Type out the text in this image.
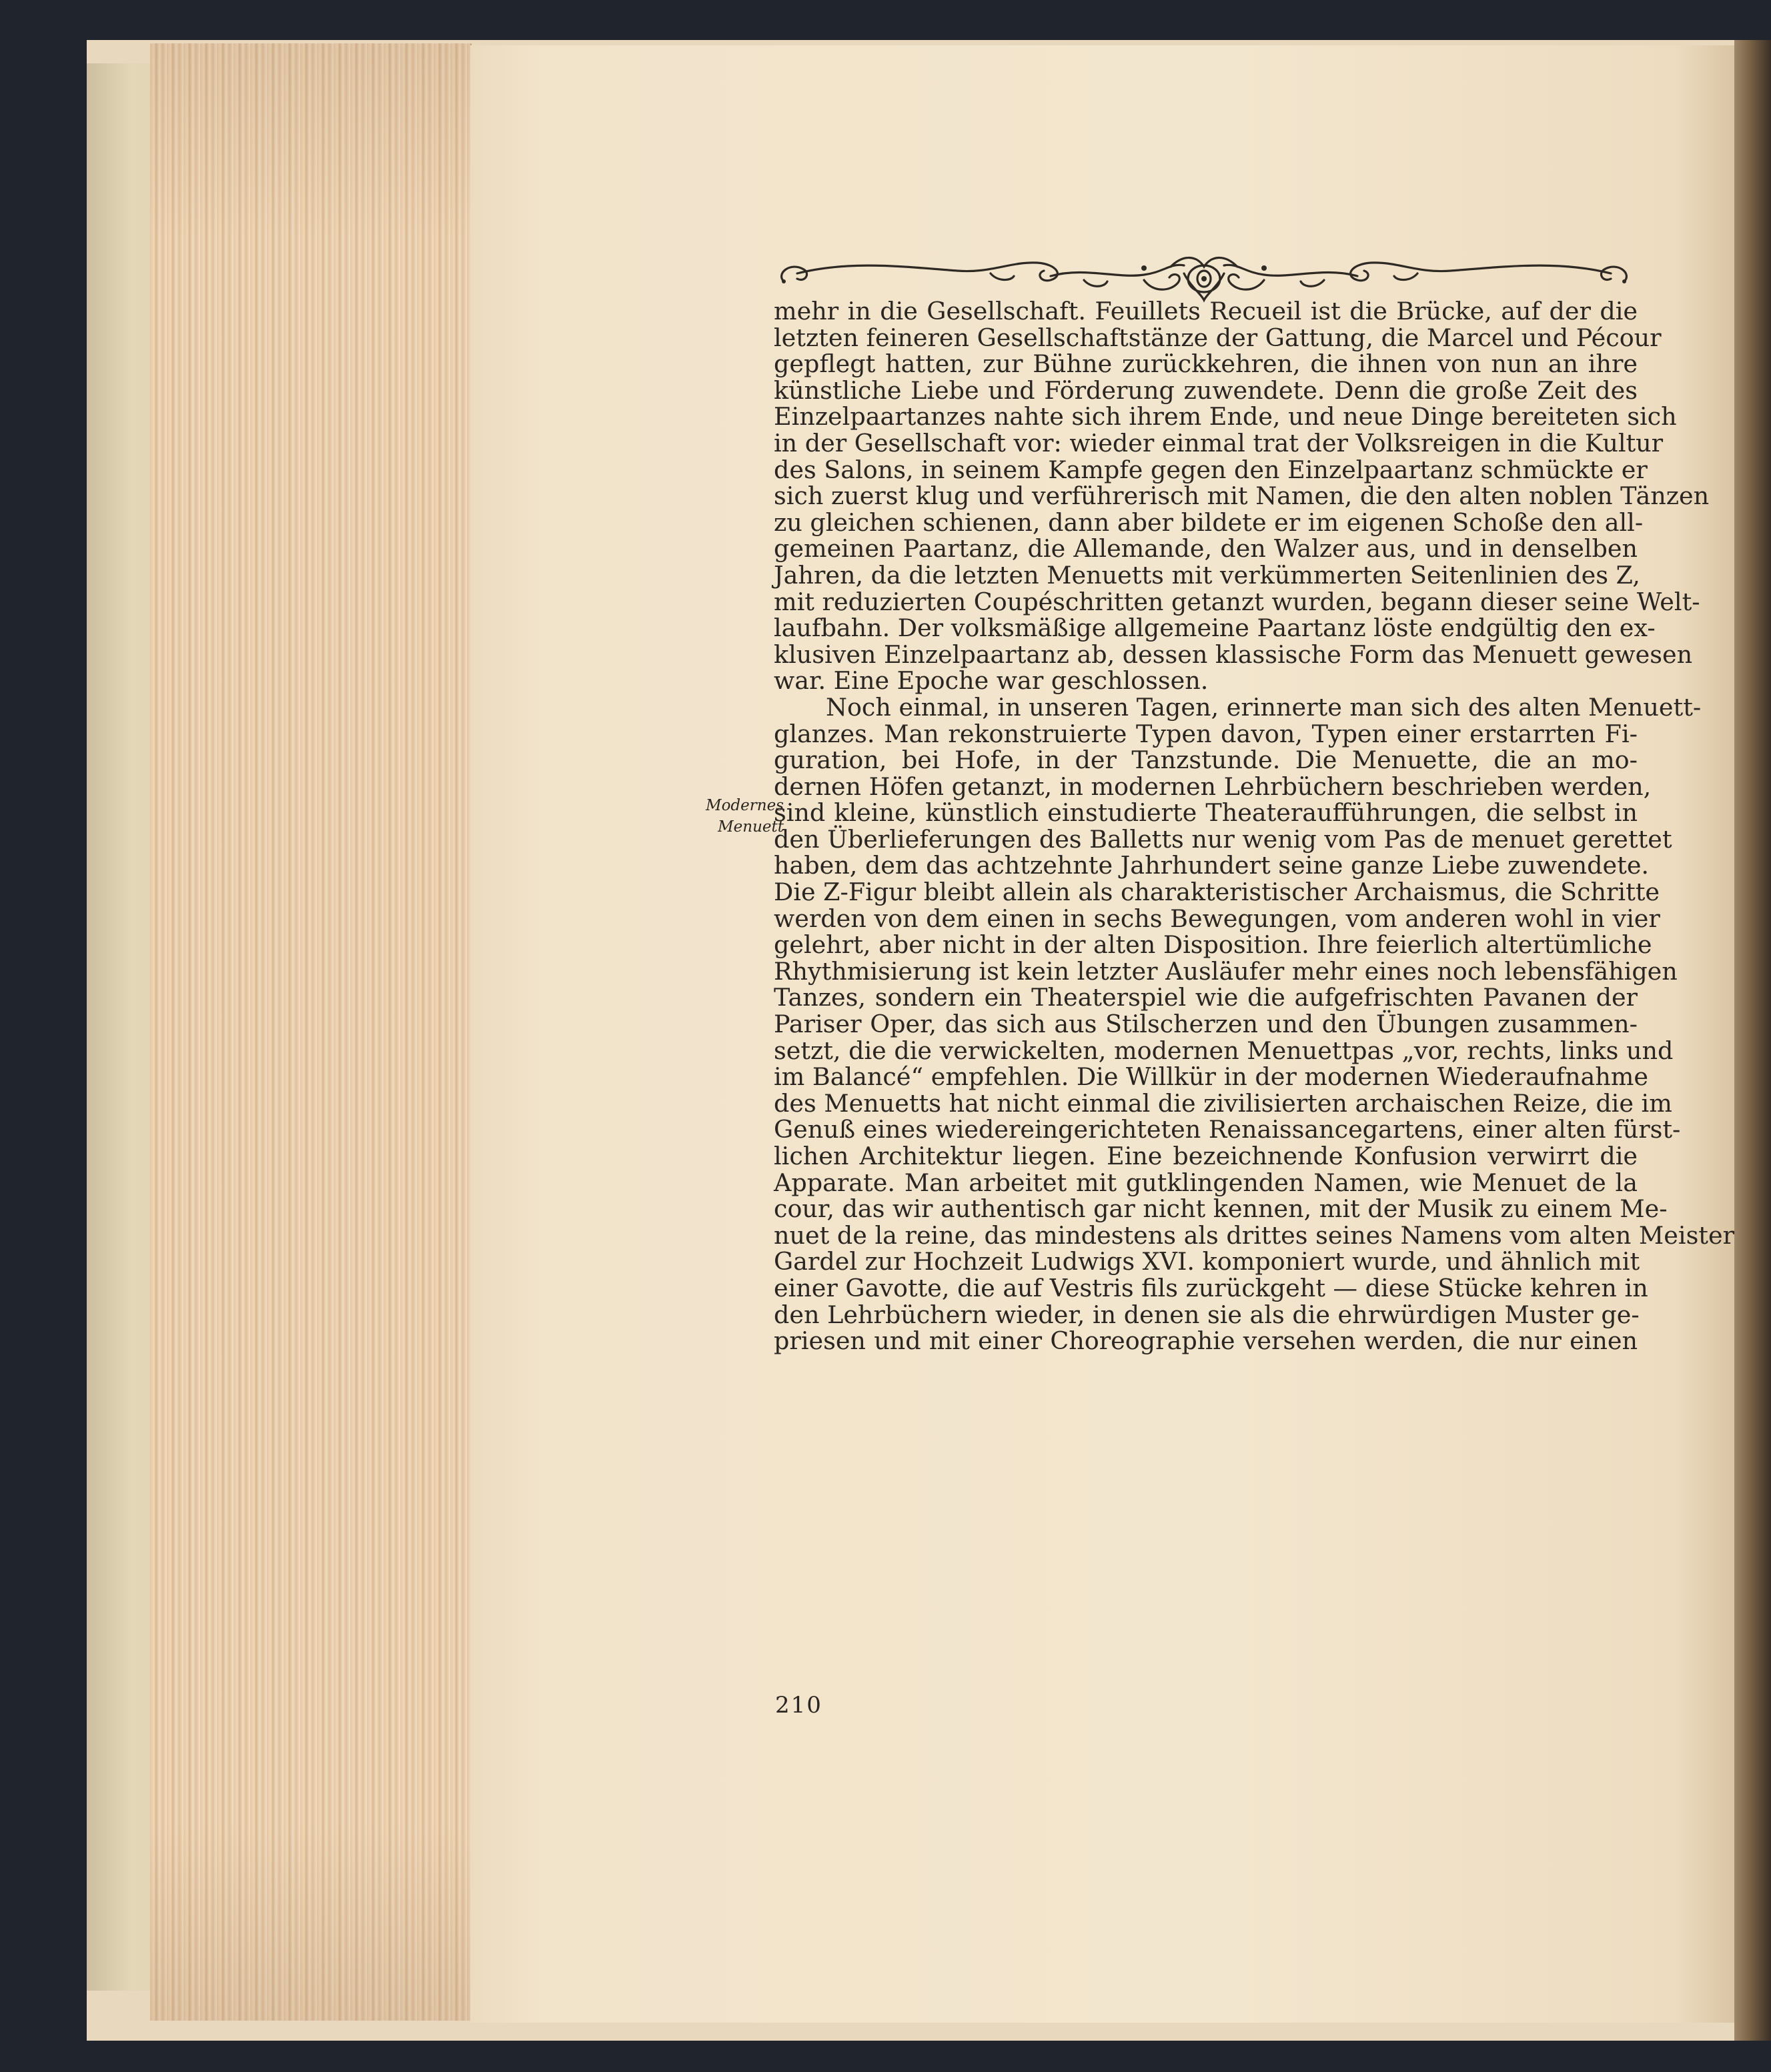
mehr in die Gesellschaft. Feuillets Recueil ist die Brücke, auf der die
letzten feineren Gesellschaftstänze der Gattung, die Marcel und Pécour
gepflegt hatten, zur Bühne zurückkehren, die ihnen von nun an ihre
künstliche Liebe und Förderung zuwendete. Denn die große Zeit des
Einzelpaartanzes nahte sich ihrem Ende, und neue Dinge bereiteten sich
in der Gesellschaft vor: wieder einmal trat der Volksreigen in die Kultur
des Salons, in seinem Kampfe gegen den Einzelpaartanz schmückte er
sich zuerst klug und verführerisch mit Namen, die den alten noblen Tänzen
zu gleichen schienen, dann aber bildete er im eigenen Schoße den all-
gemeinen Paartanz, die Allemande, den Walzer aus, und in denselben
Jahren, da die letzten Menuetts mit verkümmerten Seitenlinien des Z,
mit reduzierten Coupéschritten getanzt wurden, begann dieser seine Welt-
laufbahn. Der volksmäßige allgemeine Paartanz löste endgültig den ex-
klusiven Einzelpaartanz ab, dessen klassische Form das Menuett gewesen
war. Eine Epoche war geschlossen.
Noch einmal, in unseren Tagen, erinnerte man sich des alten Menuett-
glanzes. Man rekonstruierte Typen davon, Typen einer erstarrten Fi-
guration, bei Hofe, in der Tanzstunde. Die Menuette, die an mo-
dernen Höfen getanzt, in modernen Lehrbüchern beschrieben werden,
sind kleine, künstlich einstudierte Theateraufführungen, die selbst in
den Überlieferungen des Balletts nur wenig vom Pas de menuet gerettet
haben, dem das achtzehnte Jahrhundert seine ganze Liebe zuwendete.
Die Z-Figur bleibt allein als charakteristischer Archaismus, die Schritte
werden von dem einen in sechs Bewegungen, vom anderen wohl in vier
gelehrt, aber nicht in der alten Disposition. Ihre feierlich altertümliche
Rhythmisierung ist kein letzter Ausläufer mehr eines noch lebensfähigen
Tanzes, sondern ein Theaterspiel wie die aufgefrischten Pavanen der
Pariser Oper, das sich aus Stilscherzen und den Übungen zusammen-
setzt, die die verwickelten, modernen Menuettpas „vor, rechts, links und
im Balancé“ empfehlen. Die Willkür in der modernen Wiederaufnahme
des Menuetts hat nicht einmal die zivilisierten archaischen Reize, die im
Genuß eines wiedereingerichteten Renaissancegartens, einer alten fürst-
lichen Architektur liegen. Eine bezeichnende Konfusion verwirrt die
Apparate. Man arbeitet mit gutklingenden Namen, wie Menuet de la
cour, das wir authentisch gar nicht kennen, mit der Musik zu einem Me-
nuet de la reine, das mindestens als drittes seines Namens vom alten Meister
Gardel zur Hochzeit Ludwigs XVI. komponiert wurde, und ähnlich mit
einer Gavotte, die auf Vestris fils zurückgeht — diese Stücke kehren in
den Lehrbüchern wieder, in denen sie als die ehrwürdigen Muster ge-
priesen und mit einer Choreographie versehen werden, die nur einen
Modernes
Menuett
210
